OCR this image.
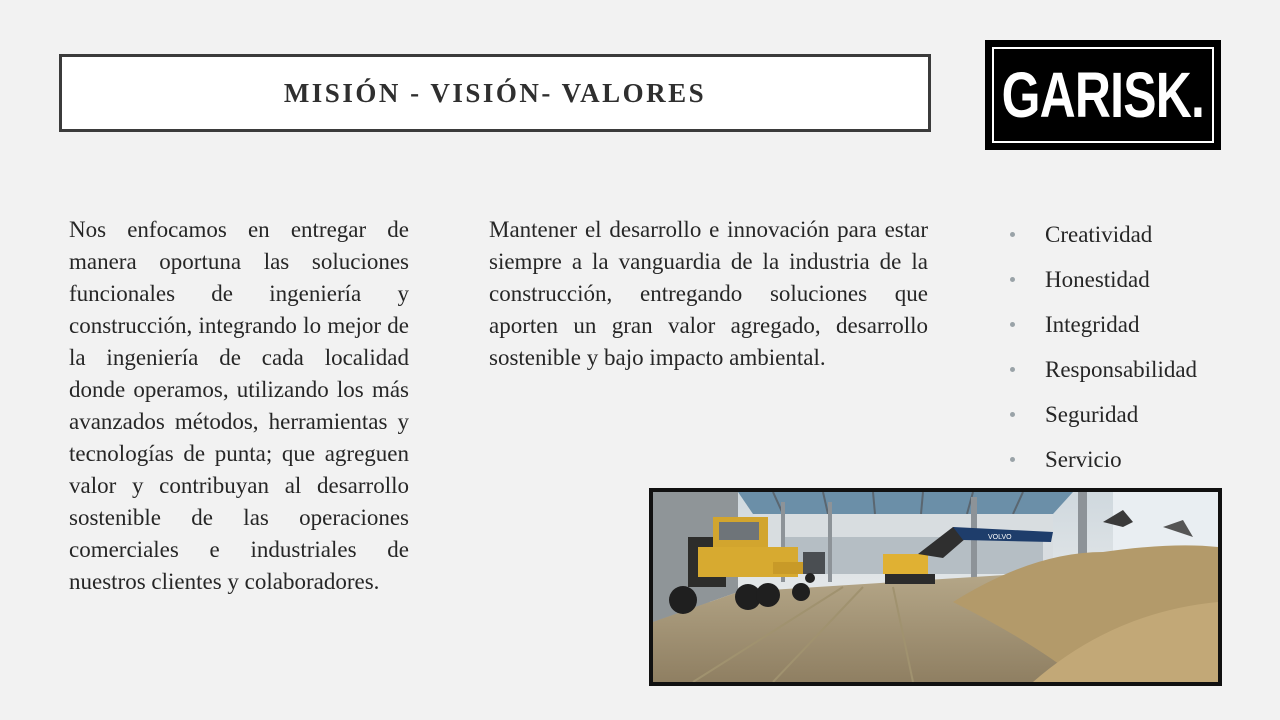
MISIÓN - VISIÓN- VALORES	GARISK.
Nos enfocamos en entregar de manera oportuna las soluciones funcionales de ingeniería y construcción, integrando lo mejor de la ingeniería de cada localidad donde operamos, utilizando los más avanzados métodos, herramientas y tecnologías de punta; que agreguen valor y contribuyan al desarrollo sostenible de las operaciones comerciales e industriales de nuestros clientes y colaboradores.
Mantener el desarrollo e innovación para estar siempre a la vanguardia de la industria de la construcción, entregando soluciones que aporten un gran valor agregado, desarrollo sostenible y bajo impacto ambiental.
Creatividad
Honestidad
Integridad
Responsabilidad
Seguridad
Servicio
VOLVO
